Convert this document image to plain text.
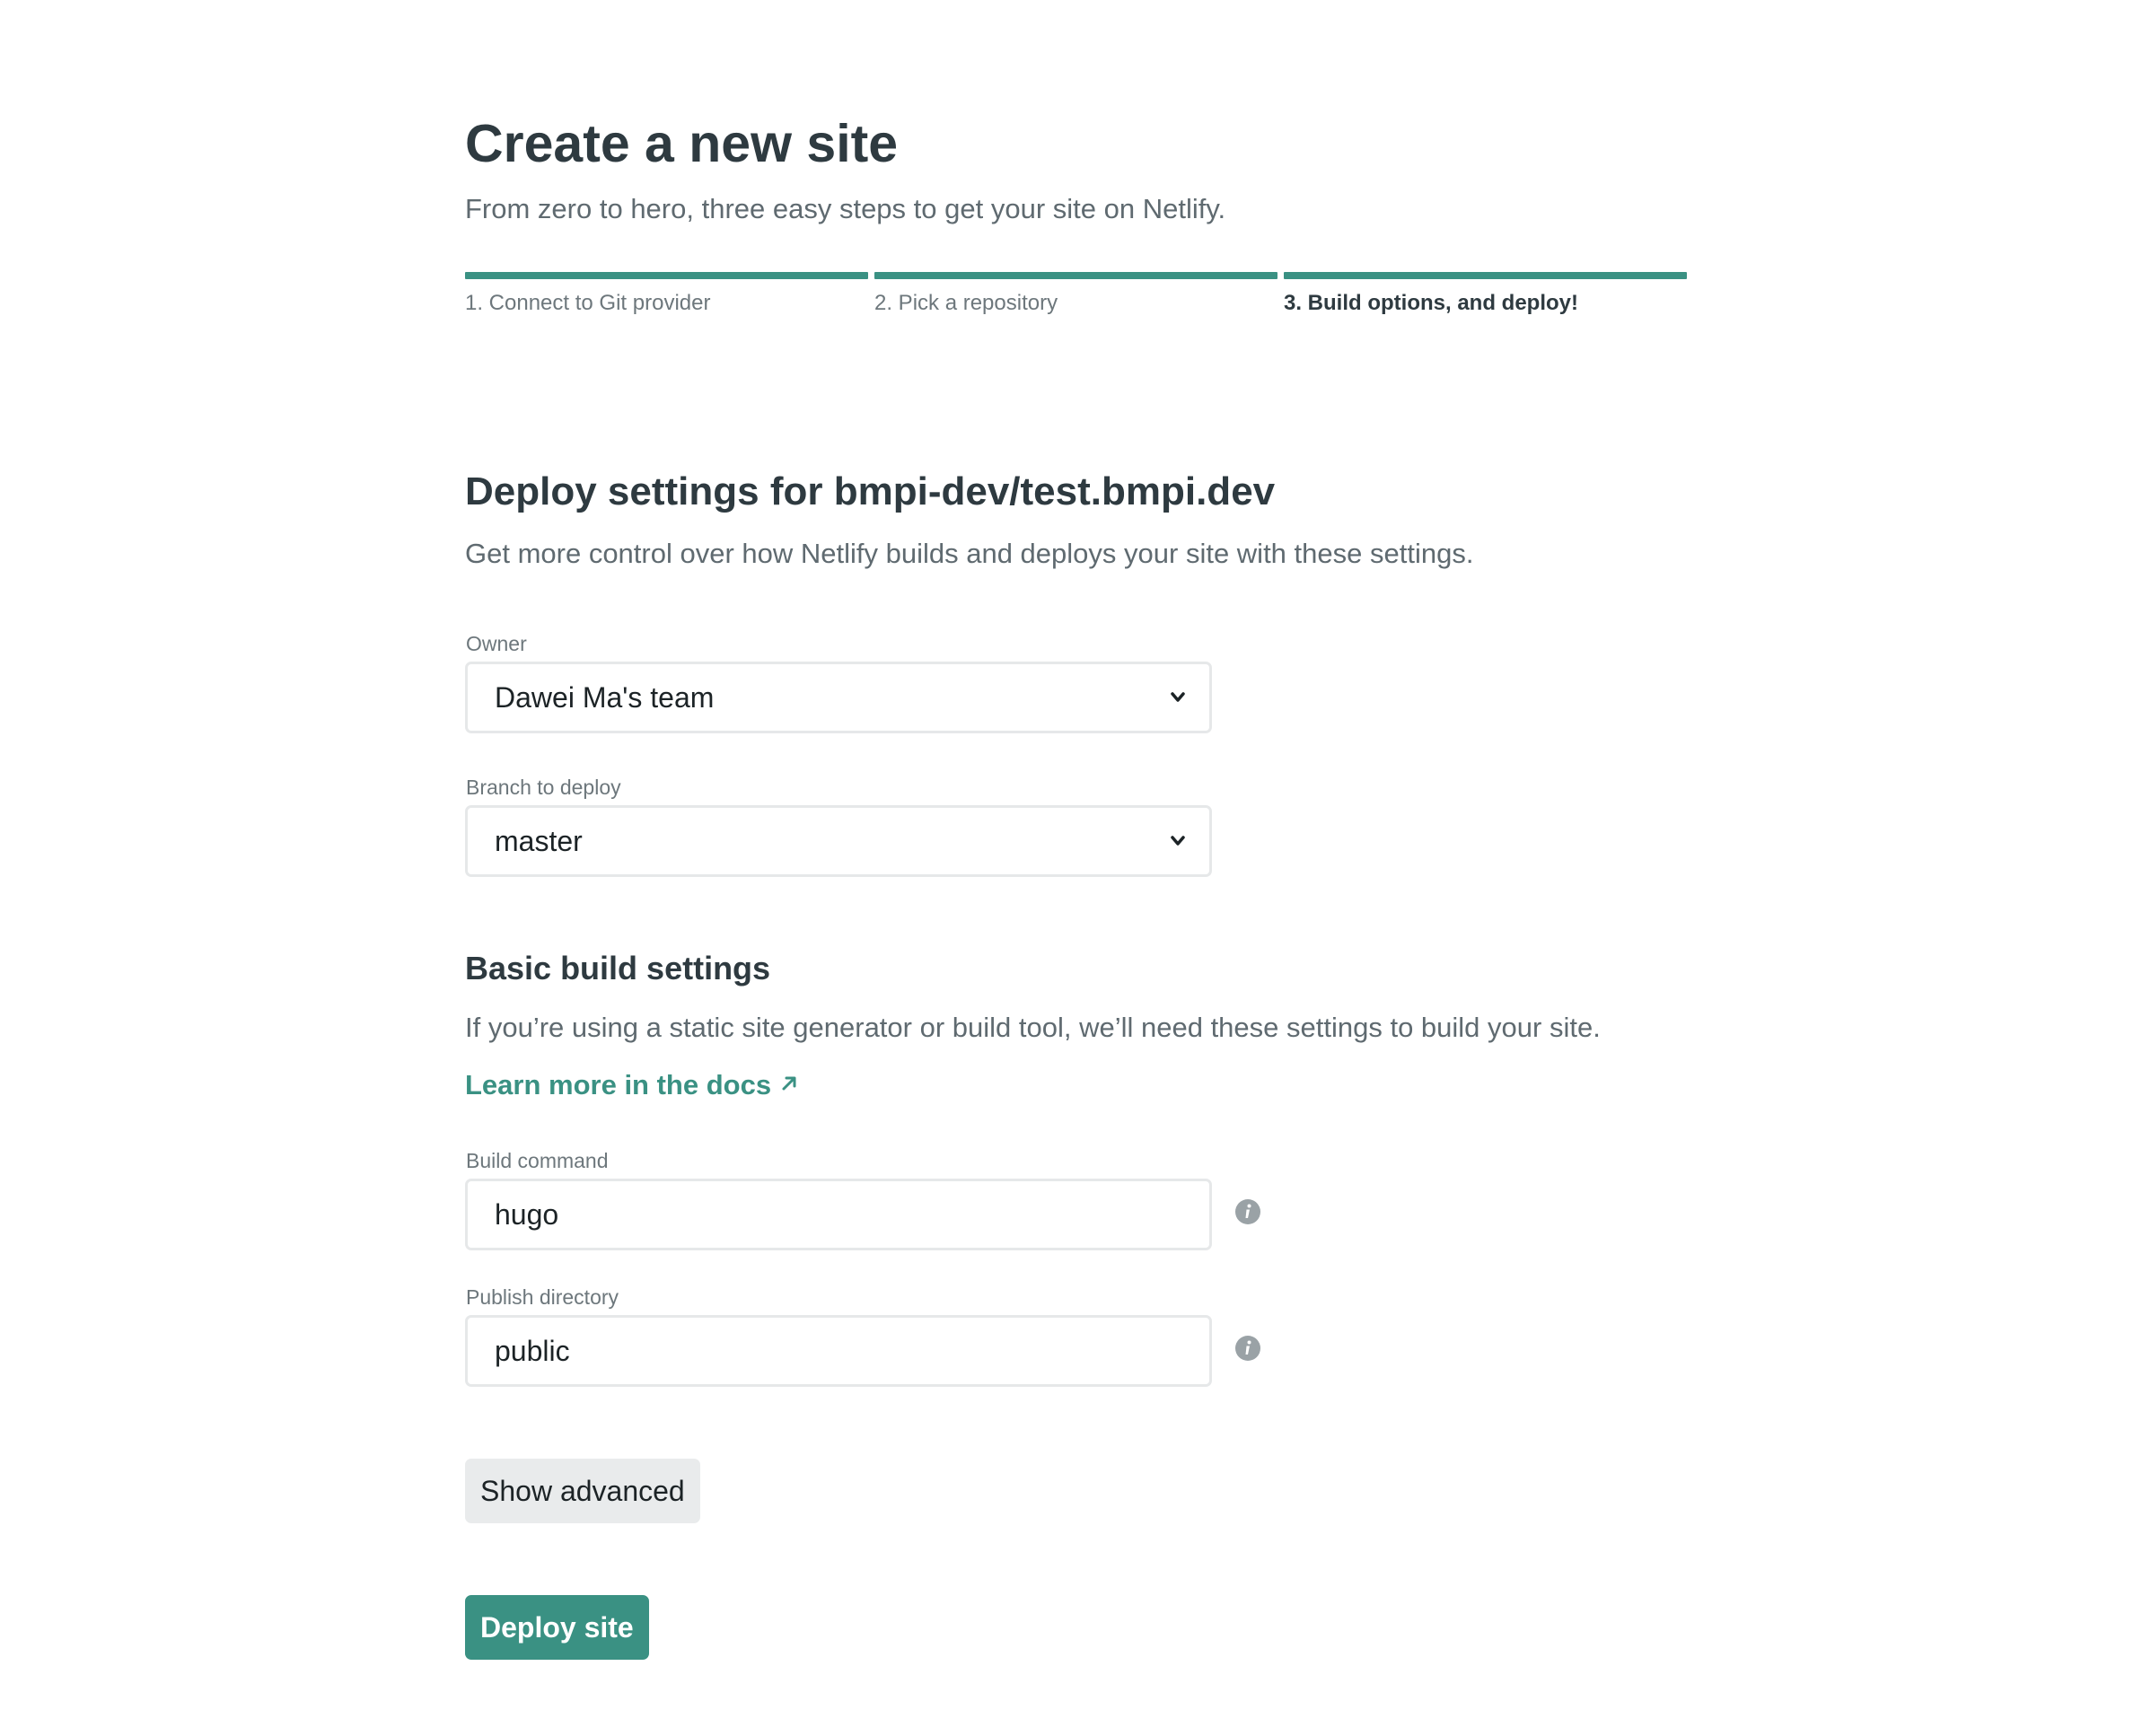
Create a new site

From zero to hero, three easy steps to get your site on Netlify.

1. Connect to Git provider	2. Pick a repository	3. Build options, and deploy!
Deploy settings for bmpi-dev/test.bmpi.dev

Get more control over how Netlify builds and deploys your site with these settings.

Owner
Dawei Ma's team
Branch to deploy
master
Basic build settings

If you’re using a static site generator or build tool, we’ll need these settings to build your site.

Learn more in the docs
Build command
hugo
Publish directory
public
Show advanced
Deploy site
